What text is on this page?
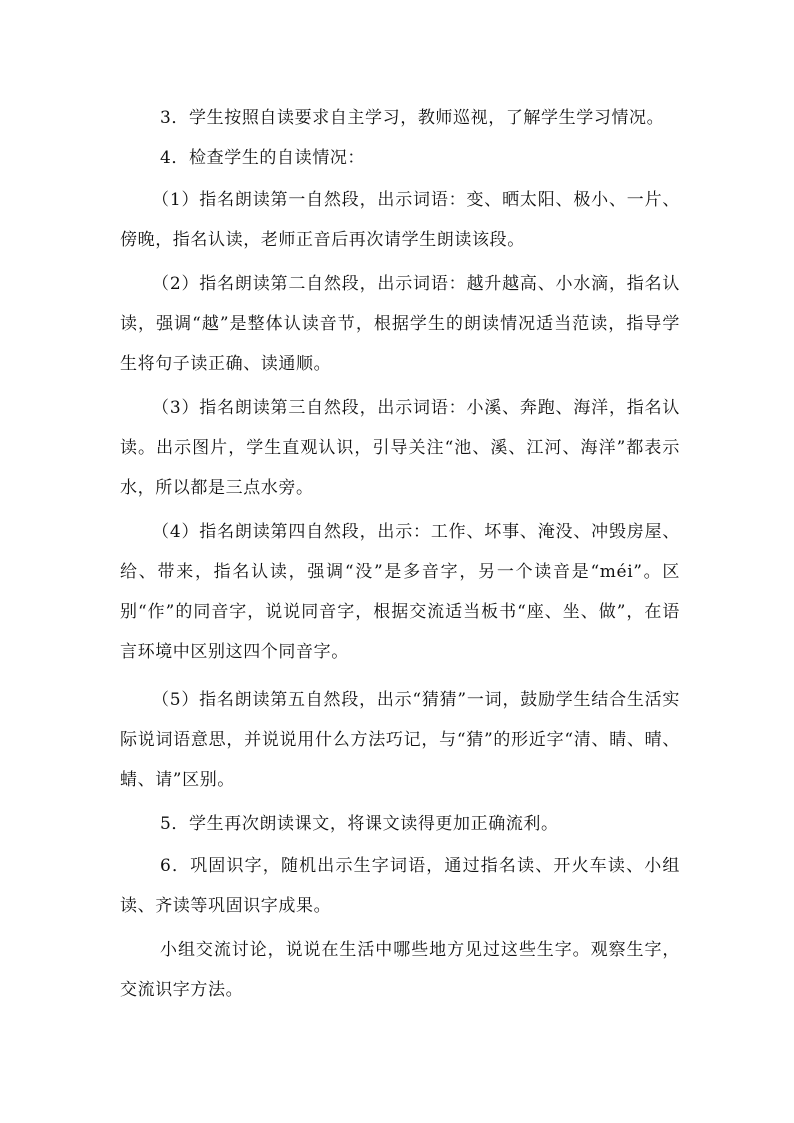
3．学生按照自读要求自主学习，教师巡视，了解学生学习情况。

4．检查学生的自读情况：

（1）指名朗读第一自然段，出示词语：变、晒太阳、极小、一片、傍晚，指名认读，老师正音后再次请学生朗读该段。

（2）指名朗读第二自然段，出示词语：越升越高、小水滴，指名认读，强调“越”是整体认读音节，根据学生的朗读情况适当范读，指导学生将句子读正确、读通顺。

（3）指名朗读第三自然段，出示词语：小溪、奔跑、海洋，指名认读。出示图片，学生直观认识，引导关注“池、溪、江河、海洋”都表示水，所以都是三点水旁。

（4）指名朗读第四自然段，出示：工作、坏事、淹没、冲毁房屋、给、带来，指名认读，强调“没”是多音字，另一个读音是“méi”。区别“作”的同音字，说说同音字，根据交流适当板书“座、坐、做”，在语言环境中区别这四个同音字。

（5）指名朗读第五自然段，出示“猜猜”一词，鼓励学生结合生活实际说词语意思，并说说用什么方法巧记，与“猜”的形近字“清、睛、晴、蜻、请”区别。

5．学生再次朗读课文，将课文读得更加正确流利。

6．巩固识字，随机出示生字词语，通过指名读、开火车读、小组读、齐读等巩固识字成果。

小组交流讨论，说说在生活中哪些地方见过这些生字。观察生字，交流识字方法。
